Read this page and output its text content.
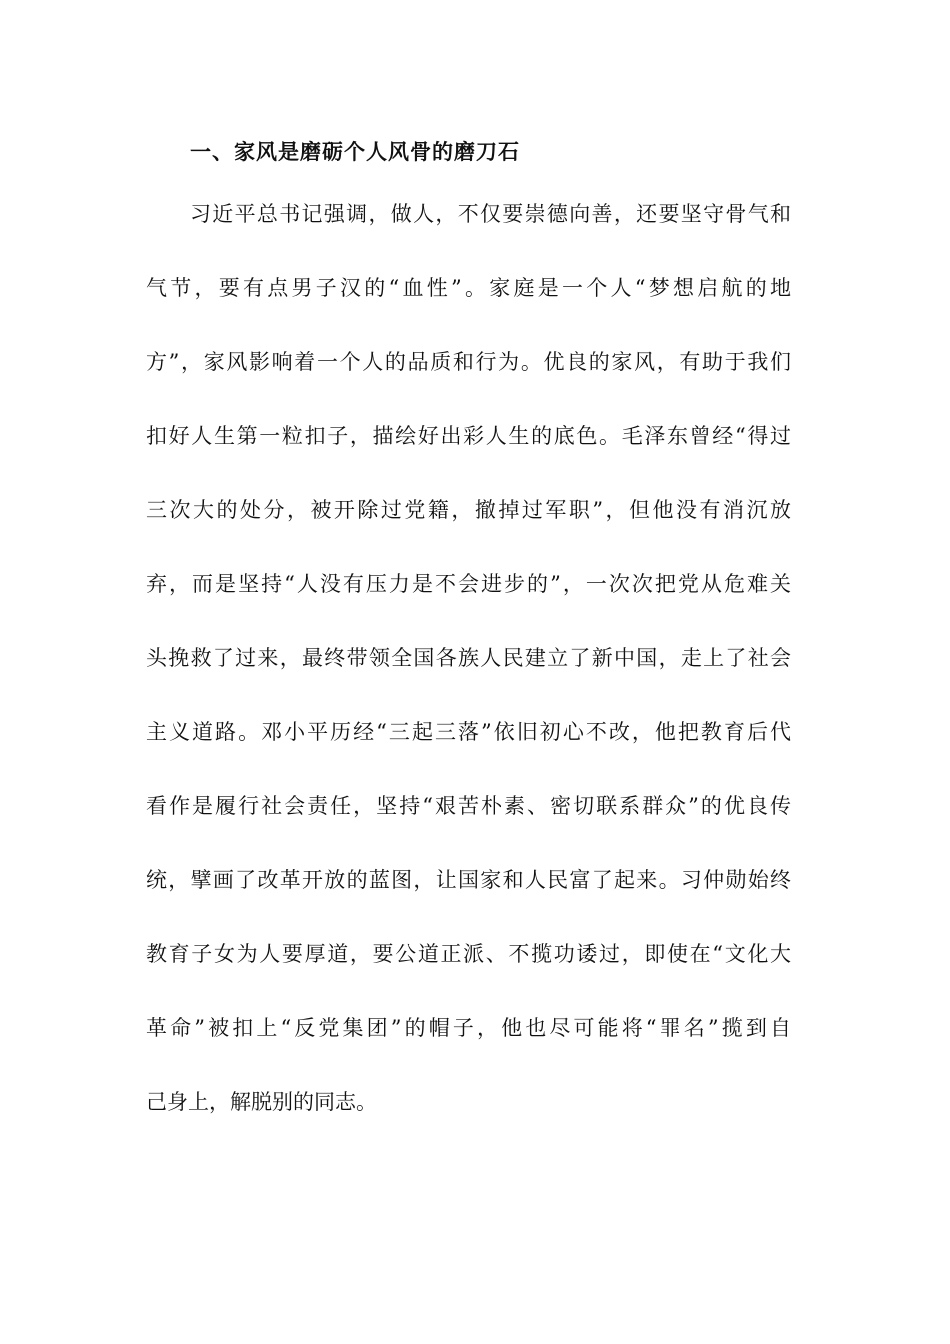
一、家风是磨砺个人风骨的磨刀石
习近平总书记强调，做人，不仅要崇德向善，还要坚守骨气和
气节，要有点男子汉的“血性”。家庭是一个人“梦想启航的地
方”，家风影响着一个人的品质和行为。优良的家风，有助于我们
扣好人生第一粒扣子，描绘好出彩人生的底色。毛泽东曾经“得过
三次大的处分，被开除过党籍，撤掉过军职”，但他没有消沉放
弃，而是坚持“人没有压力是不会进步的”，一次次把党从危难关
头挽救了过来，最终带领全国各族人民建立了新中国，走上了社会
主义道路。邓小平历经“三起三落”依旧初心不改，他把教育后代
看作是履行社会责任，坚持“艰苦朴素、密切联系群众”的优良传
统，擘画了改革开放的蓝图，让国家和人民富了起来。习仲勋始终
教育子女为人要厚道，要公道正派、不揽功诿过，即使在“文化大
革命”被扣上“反党集团”的帽子，他也尽可能将“罪名”揽到自
己身上，解脱别的同志。
